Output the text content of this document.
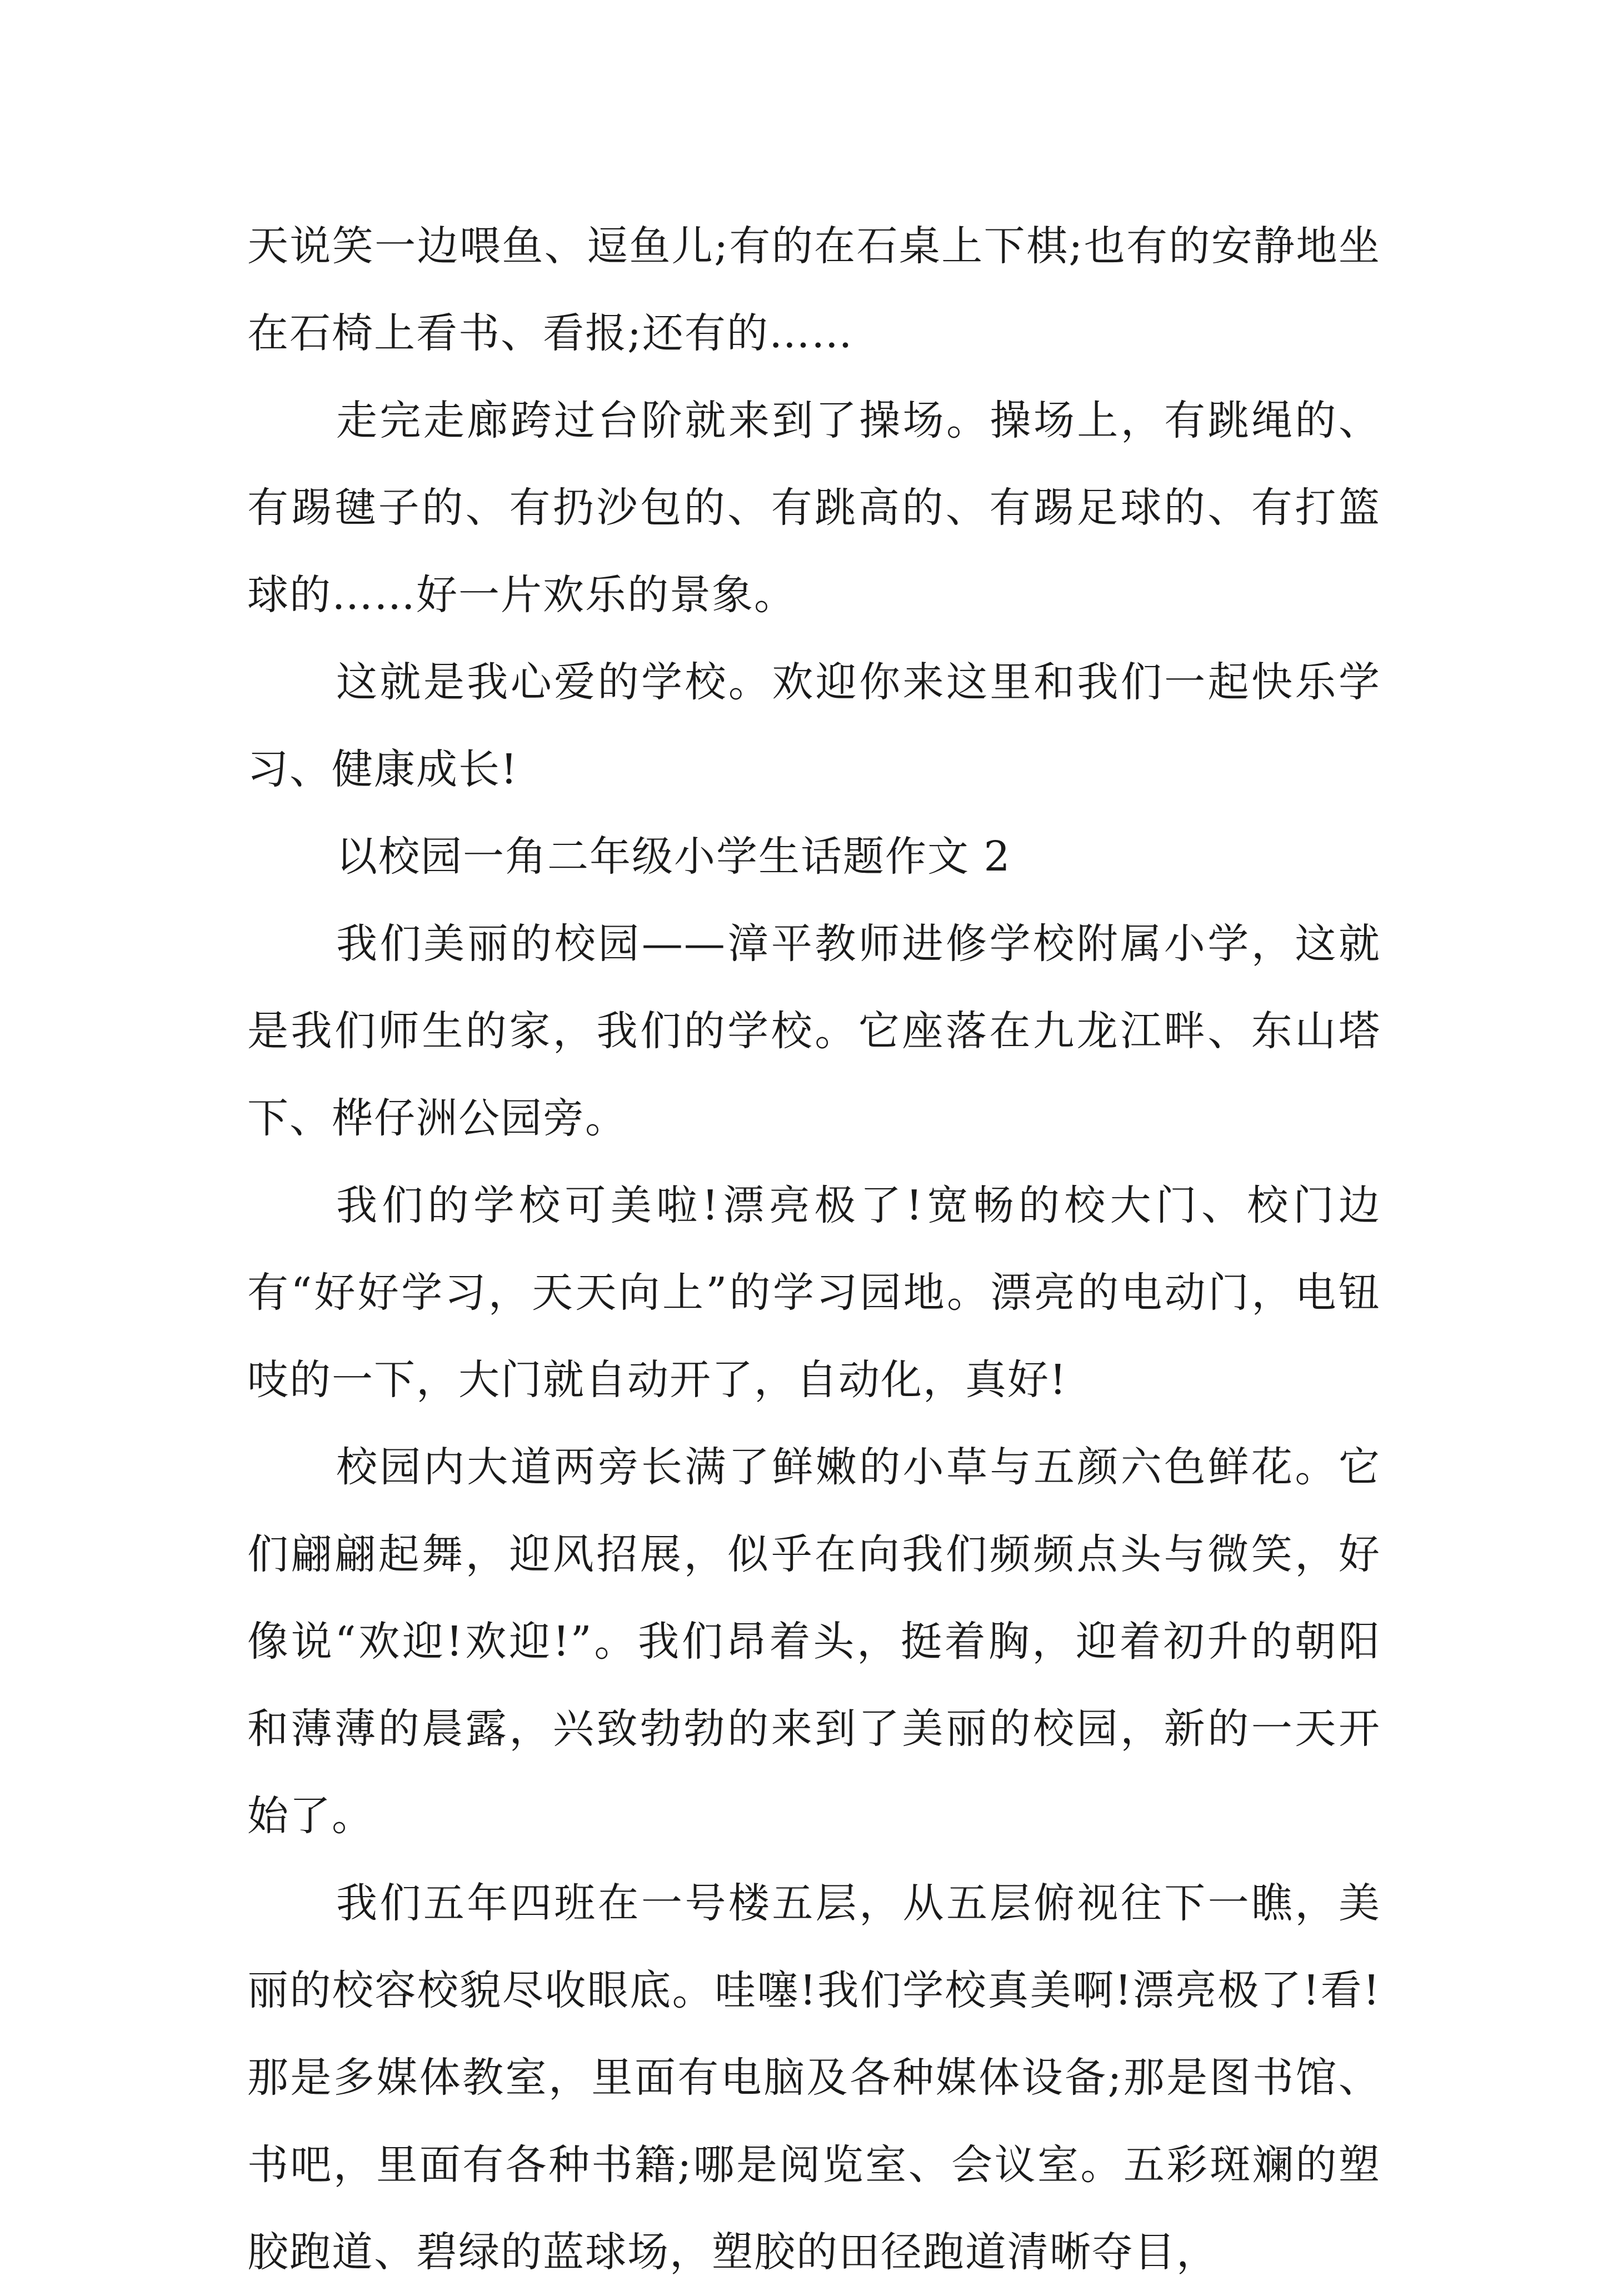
天说笑一边喂鱼、逗鱼儿;有的在石桌上下棋;也有的安静地坐在石椅上看书、看报;还有的……

走完走廊跨过台阶就来到了操场。操场上，有跳绳的、有踢毽子的、有扔沙包的、有跳高的、有踢足球的、有打篮球的……好一片欢乐的景象。

这就是我心爱的学校。欢迎你来这里和我们一起快乐学习、健康成长!

以校园一角二年级小学生话题作文 2

我们美丽的校园——漳平教师进修学校附属小学，这就是我们师生的家，我们的学校。它座落在九龙江畔、东山塔下、桦仔洲公园旁。

我们的学校可美啦!漂亮极了!宽畅的校大门、校门边有“好好学习，天天向上”的学习园地。漂亮的电动门，电钮吱的一下，大门就自动开了，自动化，真好!

校园内大道两旁长满了鲜嫩的小草与五颜六色鲜花。它们翩翩起舞，迎风招展，似乎在向我们频频点头与微笑，好像说“欢迎!欢迎!”。我们昂着头，挺着胸，迎着初升的朝阳和薄薄的晨露，兴致勃勃的来到了美丽的校园，新的一天开始了。

我们五年四班在一号楼五层，从五层俯视往下一瞧，美丽的校容校貌尽收眼底。哇噻!我们学校真美啊!漂亮极了!看!那是多媒体教室，里面有电脑及各种媒体设备;那是图书馆、书吧，里面有各种书籍;哪是阅览室、会议室。五彩斑斓的塑胶跑道、碧绿的蓝球场，塑胶的田径跑道清晰夺目，
